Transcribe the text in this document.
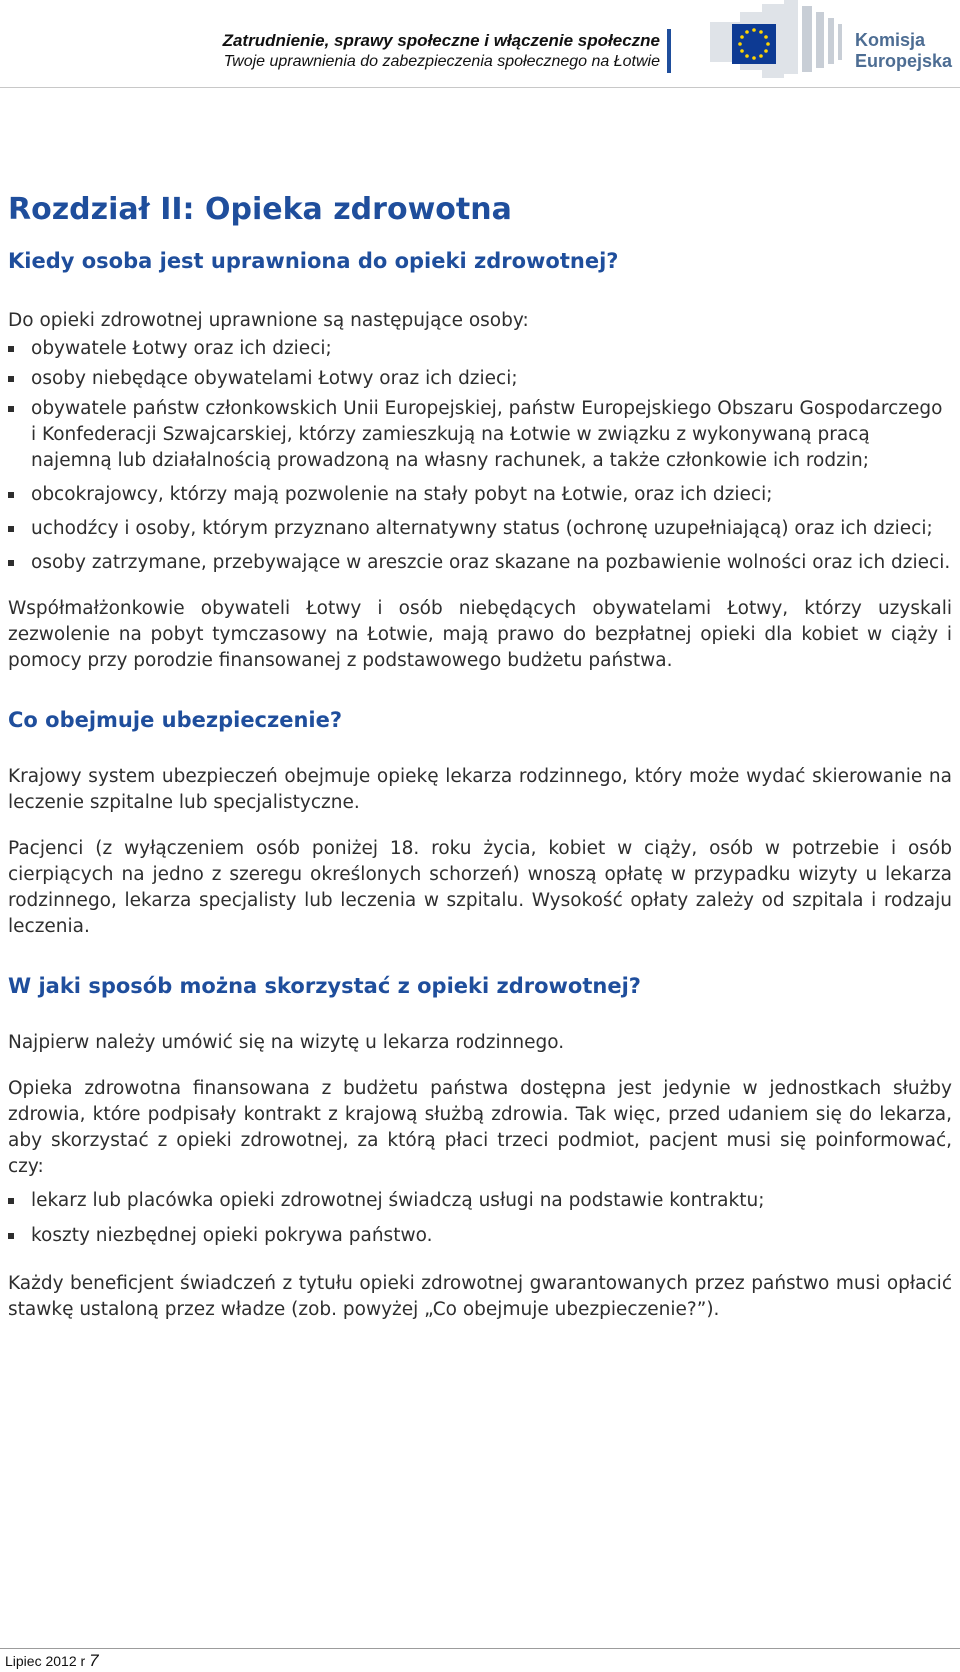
Zatrudnienie, sprawy społeczne i włączenie społeczne
Twoje uprawnienia do zabezpieczenia społecznego na Łotwie
Komisja
Europejska
Rozdział II: Opieka zdrowotna
Kiedy osoba jest uprawniona do opieki zdrowotnej?

Do opieki zdrowotnej uprawnione są następujące osoby:

obywatele Łotwy oraz ich dzieci;
osoby niebędące obywatelami Łotwy oraz ich dzieci;
obywatele państw członkowskich Unii Europejskiej, państw Europejskiego Obszaru Gospodarczego i Konfederacji Szwajcarskiej, którzy zamieszkują na Łotwie w związku z wykonywaną pracą najemną lub działalnością prowadzoną na własny rachunek, a także członkowie ich rodzin;
obcokrajowcy, którzy mają pozwolenie na stały pobyt na Łotwie, oraz ich dzieci;
uchodźcy i osoby, którym przyznano alternatywny status (ochronę uzupełniającą) oraz ich dzieci;
osoby zatrzymane, przebywające w areszcie oraz skazane na pozbawienie wolności oraz ich dzieci.

Współmałżonkowie obywateli Łotwy i osób niebędących obywatelami Łotwy, którzy uzyskali zezwolenie na pobyt tymczasowy na Łotwie, mają prawo do bezpłatnej opieki dla kobiet w ciąży i pomocy przy porodzie finansowanej z podstawowego budżetu państwa.

Co obejmuje ubezpieczenie?

Krajowy system ubezpieczeń obejmuje opiekę lekarza rodzinnego, który może wydać skierowanie na leczenie szpitalne lub specjalistyczne.

Pacjenci (z wyłączeniem osób poniżej 18. roku życia, kobiet w ciąży, osób w potrzebie i osób cierpiących na jedno z szeregu określonych schorzeń) wnoszą opłatę w przypadku wizyty u lekarza rodzinnego, lekarza specjalisty lub leczenia w szpitalu. Wysokość opłaty zależy od szpitala i rodzaju leczenia.

W jaki sposób można skorzystać z opieki zdrowotnej?

Najpierw należy umówić się na wizytę u lekarza rodzinnego.

Opieka zdrowotna finansowana z budżetu państwa dostępna jest jedynie w jednostkach służby zdrowia, które podpisały kontrakt z krajową służbą zdrowia. Tak więc, przed udaniem się do lekarza, aby skorzystać z opieki zdrowotnej, za którą płaci trzeci podmiot, pacjent musi się poinformować, czy:

lekarz lub placówka opieki zdrowotnej świadczą usługi na podstawie kontraktu;
koszty niezbędnej opieki pokrywa państwo.

Każdy beneficjent świadczeń z tytułu opieki zdrowotnej gwarantowanych przez państwo musi opłacić stawkę ustaloną przez władze (zob. powyżej „Co obejmuje ubezpieczenie?”).

Lipiec 2012 r 7
